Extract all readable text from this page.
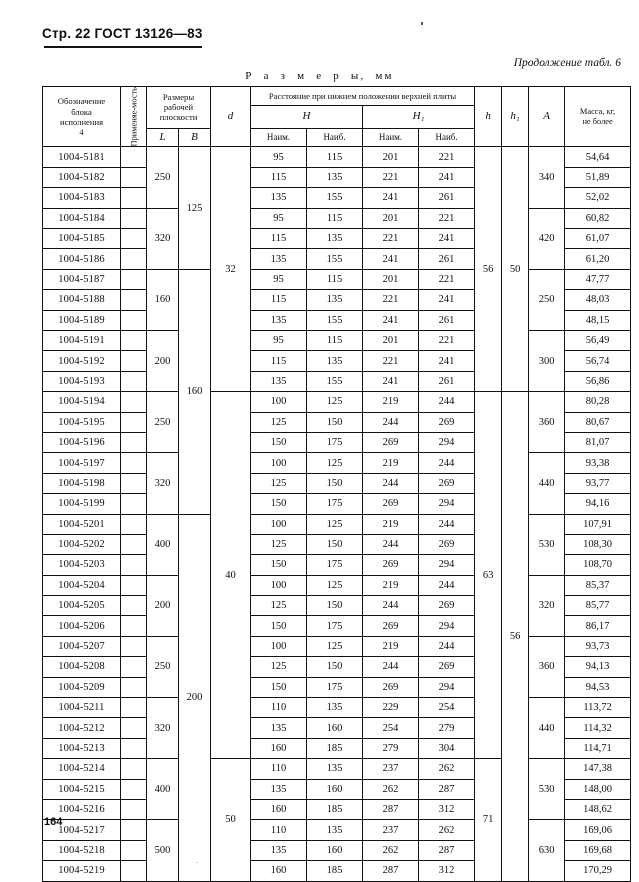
Стр. 22 ГОСТ 13126—83
Продолжение табл. 6
Р а з м е р ы, мм
Обозначение
блока
исполнения
4	Применяе-мость	Размеры
рабочей
плоскости	d	Расстояние при нижнем положении верхней плиты	h	h₁	A	Масса, кг,
не более

					H		H₁					
		L	B		Наим.	Наиб.	Наим.	Наиб.				
1004-5181		250	125	32	95	115	201	221	56	50	340	54,64
1004-5182					115	135	221	241				51,89
1004-5183					135	155	241	261				52,02
1004-5184		320			95	115	201	221			420	60,82
1004-5185					115	135	221	241				61,07
1004-5186					135	155	241	261				61,20
1004-5187		160	160		95	115	201	221			250	47,77
1004-5188					115	135	221	241				48,03
1004-5189					135	155	241	261				48,15
1004-5191		200			95	115	201	221			300	56,49
1004-5192					115	135	221	241				56,74
1004-5193					135	155	241	261				56,86
1004-5194		250		40	100	125	219	244	63	56	360	80,28
1004-5195					125	150	244	269				80,67
1004-5196					150	175	269	294				81,07
1004-5197		320			100	125	219	244			440	93,38
1004-5198					125	150	244	269				93,77
1004-5199					150	175	269	294				94,16
1004-5201		400	200		100	125	219	244			530	107,91
1004-5202					125	150	244	269				108,30
1004-5203					150	175	269	294				108,70
1004-5204		200			100	125	219	244			320	85,37
1004-5205					125	150	244	269				85,77
1004-5206					150	175	269	294				86,17
1004-5207		250			100	125	219	244			360	93,73
1004-5208					125	150	244	269				94,13
1004-5209					150	175	269	294				94,53
1004-5211		320			110	135	229	254			440	113,72
1004-5212					135	160	254	279				114,32
1004-5213					160	185	279	304				114,71
1004-5214		400		50	110	135	237	262	71		530	147,38
1004-5215					135	160	262	287				148,00
1004-5216					160	185	287	312				148,62
1004-5217		500			110	135	237	262			630	169,06
1004-5218					135	160	262	287				169,68
1004-5219					160	185	287	312				170,29
164
.
